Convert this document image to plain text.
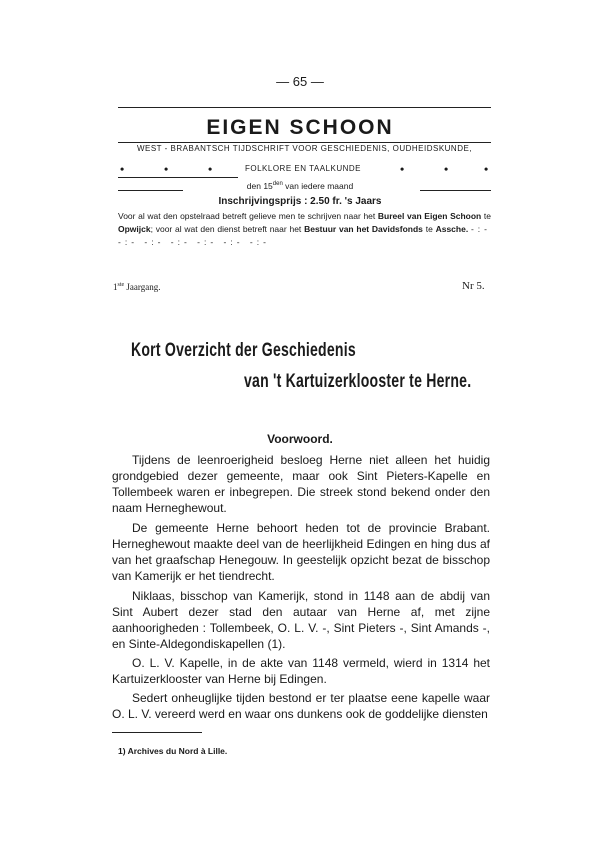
— 65 —
EIGEN SCHOON
WEST - BRABANTSCH TIJDSCHRIFT VOOR GESCHIEDENIS, OUDHEIDSKUNDE,
•	•	•	FOLKLORE EN TAALKUNDE	•	•	•
den $15^{den}$ van iedere maand
Inschrijvingsprijs : 2.50 fr. 's Jaars
Voor al wat den opstelraad betreft gelieve men te schrijven naar het Bureel van Eigen Schoon te Opwijck; voor al wat den dienst betreft naar het Bestuur van het Davidsfonds te Assche. -:- -:- -:- -:- -:- -:- -:-
1ste Jaargang.	Nr 5.
Kort Overzicht der Geschiedenis
van 't Kartuizerklooster te Herne.
Voorwoord.

Tijdens de leenroerigheid besloeg Herne niet alleen het huidig grondgebied dezer gemeente, maar ook Sint Pieters-Kapelle en Tollembeek waren er inbegrepen. Die streek stond bekend onder den naam Herneghewout.

De gemeente Herne behoort heden tot de provincie Brabant. Herneghewout maakte deel van de heerlijkheid Edingen en hing dus af van het graafschap Henegouw. In geestelijk opzicht bezat de bisschop van Kamerijk er het tiendrecht.

Niklaas, bisschop van Kamerijk, stond in 1148 aan de abdij van Sint Aubert dezer stad den autaar van Herne af, met zijne aanhoorigheden : Tollembeek, O. L. V. -, Sint Pieters -, Sint Amands -, en Sinte-Aldegondiskapellen (1).

O. L. V. Kapelle, in de akte van 1148 vermeld, wierd in 1314 het Kartuizerklooster van Herne bij Edingen.

Sedert onheuglijke tijden bestond er ter plaatse eene kapelle waar O. L. V. vereerd werd en waar ons dunkens ook de goddelijke diensten

1) Archives du Nord à Lille.
